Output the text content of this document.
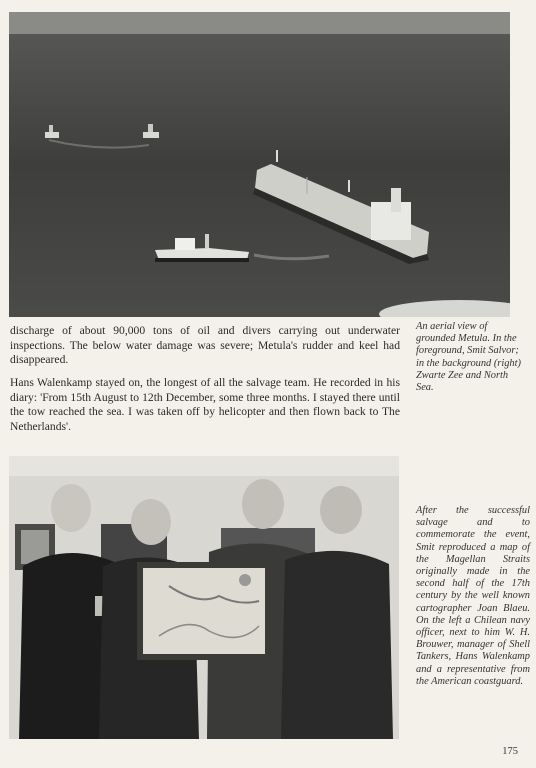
discharge of about 90,000 tons of oil and divers carrying out underwater inspections. The below water damage was severe; Metula's rudder and keel had disappeared.

Hans Walenkamp stayed on, the longest of all the salvage team. He recorded in his diary: 'From 15th August to 12th December, some three months. I stayed there until the tow reached the sea. I was taken off by helicopter and then flown back to The Netherlands'.

An aerial view of grounded Metula. In the foreground, Smit Salvor; in the background (right) Zwarte Zee and North Sea.
After the successful salvage and to commemorate the event, Smit reproduced a map of the Magellan Straits originally made in the second half of the 17th century by the well known cartographer Joan Blaeu. On the left a Chilean navy officer, next to him W. H. Brouwer, manager of Shell Tankers, Hans Walenkamp and a representative from the American coastguard.
175
